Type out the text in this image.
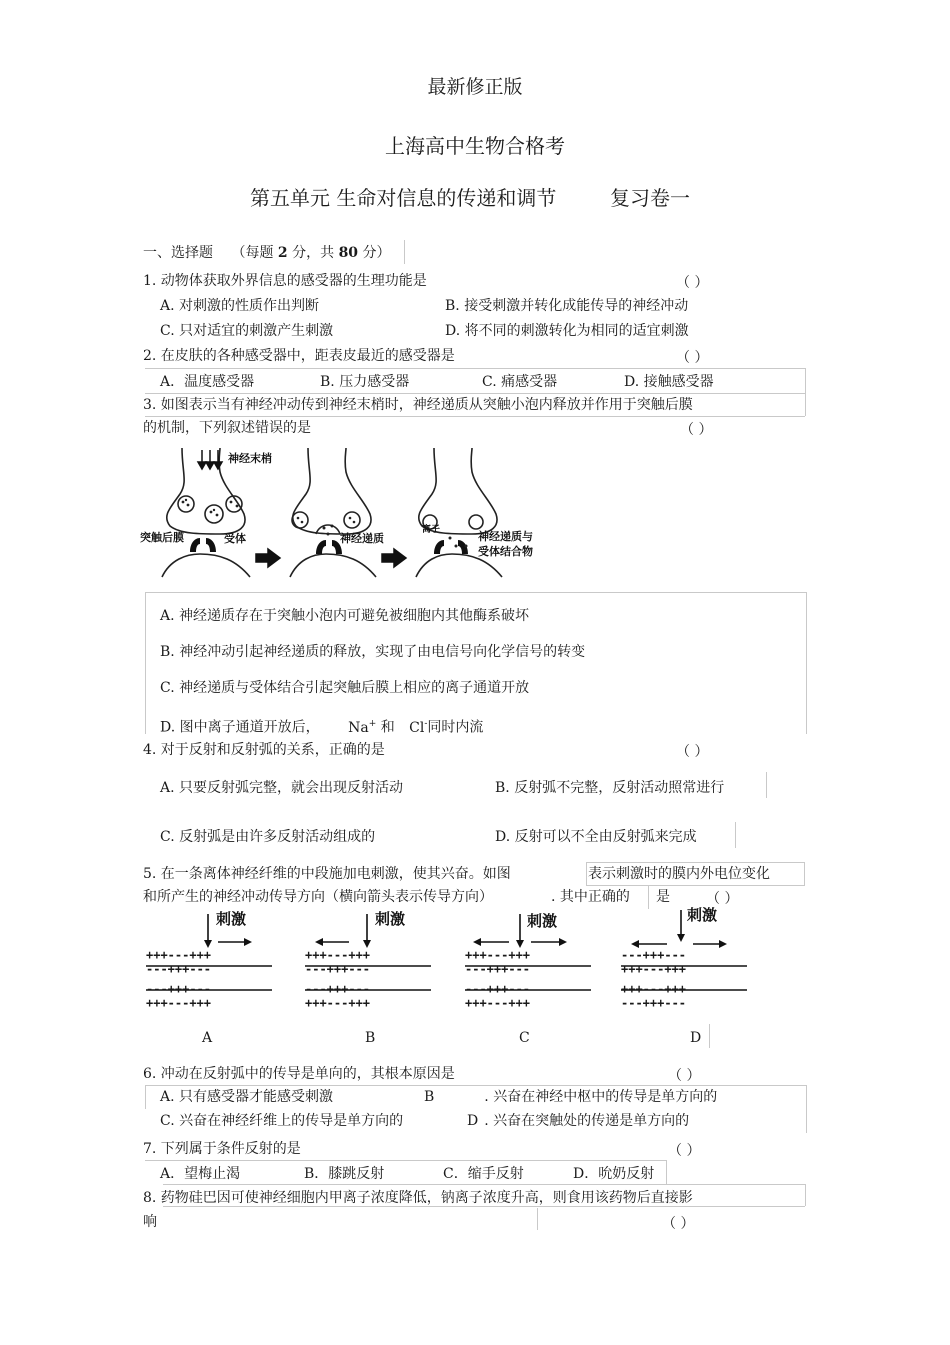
最新修正版
上海高中生物合格考
第五单元 生命对信息的传递和调节	复习卷一
一、选择题 （每题 2 分，共 80 分）
1. 动物体获取外界信息的感受器的生理功能是	（ ）
A. 对刺激的性质作出判断	B. 接受刺激并转化成能传导的神经冲动
C. 只对适宜的刺激产生刺激	D. 将不同的刺激转化为相同的适宜刺激
2. 在皮肤的各种感受器中，距表皮最近的感受器是	（ ）
A．温度感受器	B. 压力感受器	C. 痛感受器	D. 接触感受器
3. 如图表示当有神经冲动传到神经末梢时，神经递质从突触小泡内释放并作用于突触后膜
的机制，下列叙述错误的是	（ ）
神经末梢
突触后膜	受体	神经递质
离子	神经递质与
受体结合物
A. 神经递质存在于突触小泡内可避免被细胞内其他酶系破坏
B. 神经冲动引起神经递质的释放，实现了由电信号向化学信号的转变
C. 神经递质与受体结合引起突触后膜上相应的离子通道开放
D. 图中离子通道开放后， Na+ 和 Cl-同时内流
4. 对于反射和反射弧的关系，正确的是	（ ）
A. 只要反射弧完整，就会出现反射活动	B. 反射弧不完整，反射活动照常进行
C. 反射弧是由许多反射活动组成的	D. 反射可以不全由反射弧来完成
5. 在一条离体神经纤维的中段施加电刺激，使其兴奋。如图	表示刺激时的膜内外电位变化
和所产生的神经冲动传导方向（横向箭头表示传导方向）	. 其中正确的 是	（ ）
刺激
+++---+++
---+++---
---+++---
+++---+++
刺激
+++---+++
---+++---
---+++---
+++---+++
刺激
+++---+++
---+++---
---+++---
+++---+++
刺激
---+++---
+++---+++
+++---+++
---+++---
A	B	C	D
6. 冲动在反射弧中的传导是单向的，其根本原因是	（ ）
A. 只有感受器才能感受刺激	B	. 兴奋在神经中枢中的传导是单方向的
C. 兴奋在神经纤维上的传导是单方向的	D . 兴奋在突触处的传递是单方向的
7. 下列属于条件反射的是	（ ）
A．望梅止渴	B．膝跳反射	C．缩手反射	D．吮奶反射
8. 药物硅巴因可使神经细胞内甲离子浓度降低，钠离子浓度升高，则食用该药物后直接影
响	（ ）
